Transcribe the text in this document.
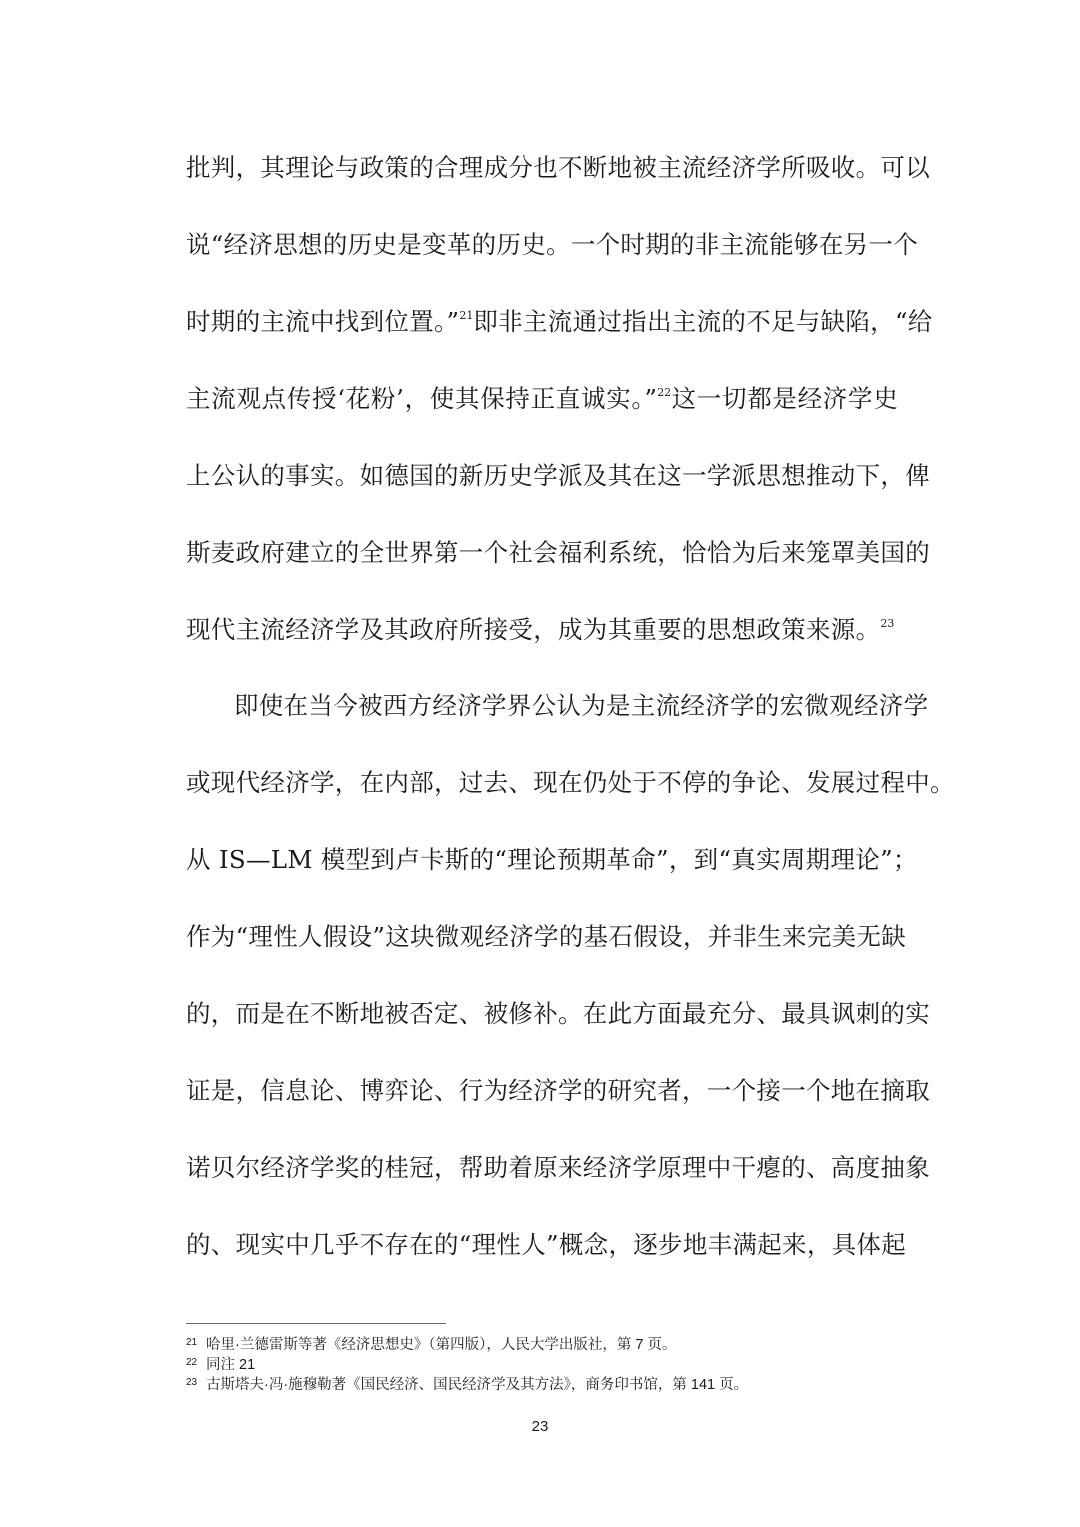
批判，其理论与政策的合理成分也不断地被主流经济学所吸收。可以
说“经济思想的历史是变革的历史。一个时期的非主流能够在另一个
时期的主流中找到位置。”$^{21}$即非主流通过指出主流的不足与缺陷，“给
主流观点传授‘花粉’，使其保持正直诚实。”$^{22}$这一切都是经济学史
上公认的事实。如德国的新历史学派及其在这一学派思想推动下，俾
斯麦政府建立的全世界第一个社会福利系统，恰恰为后来笼罩美国的
现代主流经济学及其政府所接受，成为其重要的思想政策来源。$^{23}$
即使在当今被西方经济学界公认为是主流经济学的宏微观经济学
或现代经济学，在内部，过去、现在仍处于不停的争论、发展过程中。
从 IS—LM 模型到卢卡斯的“理论预期革命”，到“真实周期理论”；
作为“理性人假设”这块微观经济学的基石假设，并非生来完美无缺
的，而是在不断地被否定、被修补。在此方面最充分、最具讽刺的实
证是，信息论、博弈论、行为经济学的研究者，一个接一个地在摘取
诺贝尔经济学奖的桂冠，帮助着原来经济学原理中干瘪的、高度抽象
的、现实中几乎不存在的“理性人”概念，逐步地丰满起来，具体起
21 哈里·兰德雷斯等著《经济思想史》（第四版），人民大学出版社，第 7 页。
22 同注 21
23 古斯塔夫·冯·施穆勒著《国民经济、国民经济学及其方法》，商务印书馆，第 141 页。
23
